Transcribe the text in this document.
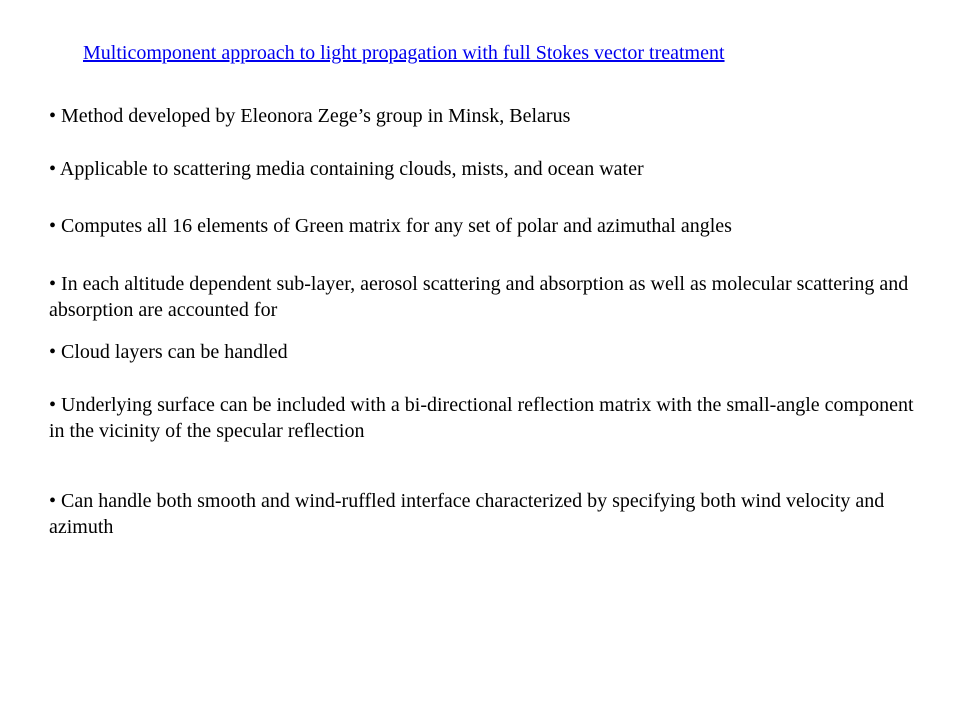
Multicomponent approach to light propagation with full Stokes vector treatment

• Method developed by Eleonora Zege’s group in Minsk, Belarus

• Applicable to scattering media containing clouds, mists, and ocean water

• Computes all 16 elements of Green matrix for any set of polar and azimuthal angles

• In each altitude dependent sub-layer, aerosol scattering and absorption as well as molecular scattering and absorption are accounted for

• Cloud layers can be handled

• Underlying surface can be included with a bi-directional reflection matrix with the small-angle component in the vicinity of the specular reflection

• Can handle both smooth and wind-ruffled interface characterized by specifying both wind velocity and azimuth
